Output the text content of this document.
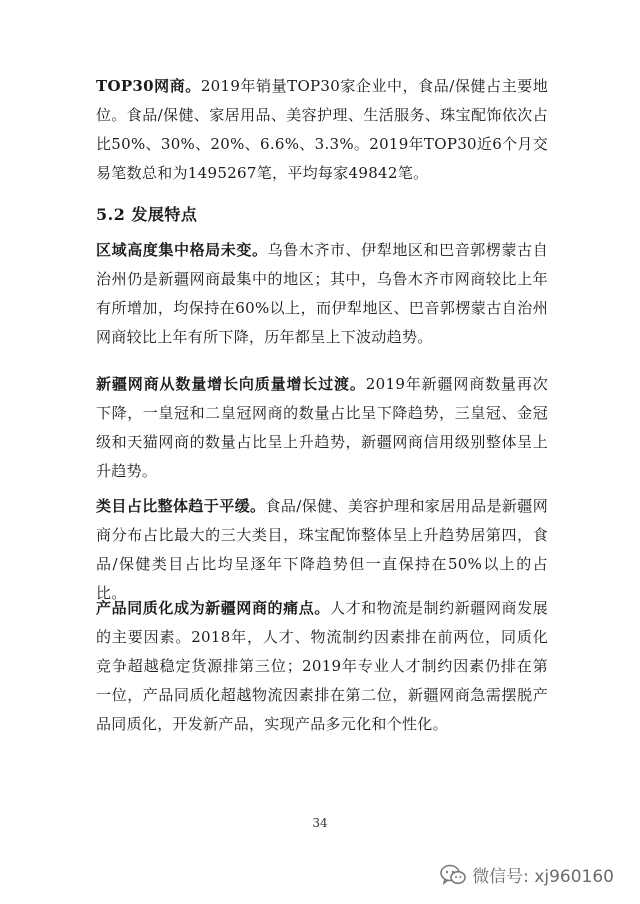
TOP30网商。2019年销量TOP30家企业中，食品/保健占主要地位。食品/保健、家居用品、美容护理、生活服务、珠宝配饰依次占比50%、30%、20%、6.6%、3.3%。2019年TOP30近6个月交易笔数总和为1495267笔，平均每家49842笔。
5.2 发展特点
区域高度集中格局未变。乌鲁木齐市、伊犁地区和巴音郭楞蒙古自治州仍是新疆网商最集中的地区；其中，乌鲁木齐市网商较比上年有所增加，均保持在60%以上，而伊犁地区、巴音郭楞蒙古自治州网商较比上年有所下降，历年都呈上下波动趋势。
新疆网商从数量增长向质量增长过渡。2019年新疆网商数量再次下降，一皇冠和二皇冠网商的数量占比呈下降趋势，三皇冠、金冠级和天猫网商的数量占比呈上升趋势，新疆网商信用级别整体呈上升趋势。
类目占比整体趋于平缓。食品/保健、美容护理和家居用品是新疆网商分布占比最大的三大类目，珠宝配饰整体呈上升趋势居第四，食品/保健类目占比均呈逐年下降趋势但一直保持在50%以上的占比。
产品同质化成为新疆网商的痛点。人才和物流是制约新疆网商发展的主要因素。2018年，人才、物流制约因素排在前两位，同质化竞争超越稳定货源排第三位；2019年专业人才制约因素仍排在第一位，产品同质化超越物流因素排在第二位，新疆网商急需摆脱产品同质化，开发新产品，实现产品多元化和个性化。
34
微信号: xj960160
